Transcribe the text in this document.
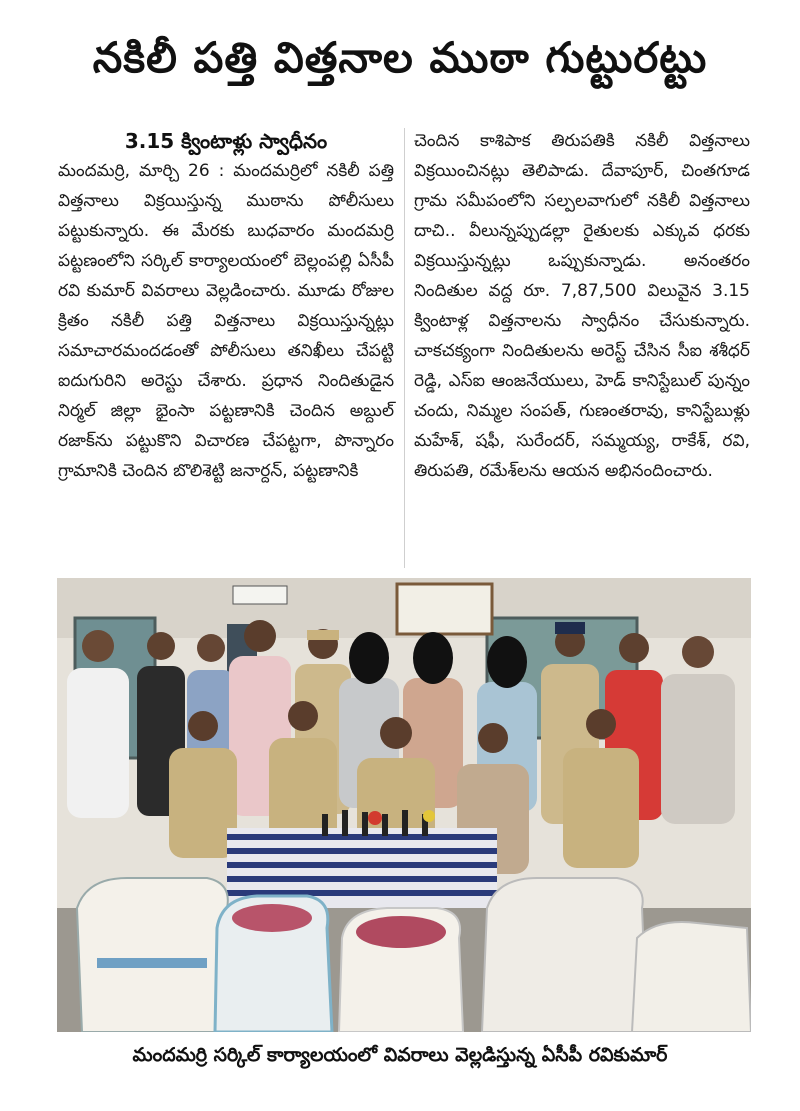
నకిలీ పత్తి విత్తనాల ముఠా గుట్టురట్టు
3.15 క్వింటాళ్లు స్వాధీనం
మందమర్రి, మార్చి 26 : మందమర్రిలో నకిలీ పత్తి విత్తనాలు విక్రయిస్తున్న ముఠాను పోలీసులు పట్టుకున్నారు. ఈ మేరకు బుధవారం మందమర్రి పట్టణంలోని సర్కిల్ కార్యాలయంలో బెల్లంపల్లి ఏసీపీ రవి కుమార్ వివరాలు వెల్లడించారు. మూడు రోజుల క్రితం నకిలీ పత్తి విత్తనాలు విక్రయిస్తున్నట్లు సమాచారమందడంతో పోలీసులు తనిఖీలు చేపట్టి ఐదుగురిని అరెస్టు చేశారు. ప్రధాన నిందితుడైన నిర్మల్ జిల్లా భైంసా పట్టణానికి చెందిన అబ్దుల్ రజాక్‌ను పట్టుకొని విచారణ చేపట్టగా, పొన్నారం గ్రామానికి చెందిన బొలిశెట్టి జనార్దన్, పట్టణానికి
చెందిన కాశిపాక తిరుపతికి నకిలీ విత్తనాలు విక్రయించినట్లు తెలిపాడు. దేవాపూర్, చింతగూడ గ్రామ సమీపంలోని సల్పలవాగులో నకిలీ విత్తనాలు దాచి.. వీలున్నప్పుడల్లా రైతులకు ఎక్కువ ధరకు విక్రయిస్తున్నట్లు ఒప్పుకున్నాడు. అనంతరం నిందితుల వద్ద రూ. 7,87,500 విలువైన 3.15 క్వింటాళ్ల విత్తనాలను స్వాధీనం చేసుకున్నారు. చాకచక్యంగా నిందితులను అరెస్ట్ చేసిన సీఐ శశీధర్ రెడ్డి, ఎస్ఐ ఆంజనేయులు, హెడ్ కానిస్టేబుల్ పున్నం చందు, నిమ్మల సంపత్, గుణంతరావు, కానిస్టేబుళ్లు మహేశ్, షఫీ, సురేందర్, సమ్మయ్య, రాకేశ్, రవి, తిరుపతి, రమేశ్‌లను ఆయన అభినందించారు.
మందమర్రి సర్కిల్ కార్యాలయంలో వివరాలు వెల్లడిస్తున్న ఏసీపీ రవికుమార్
